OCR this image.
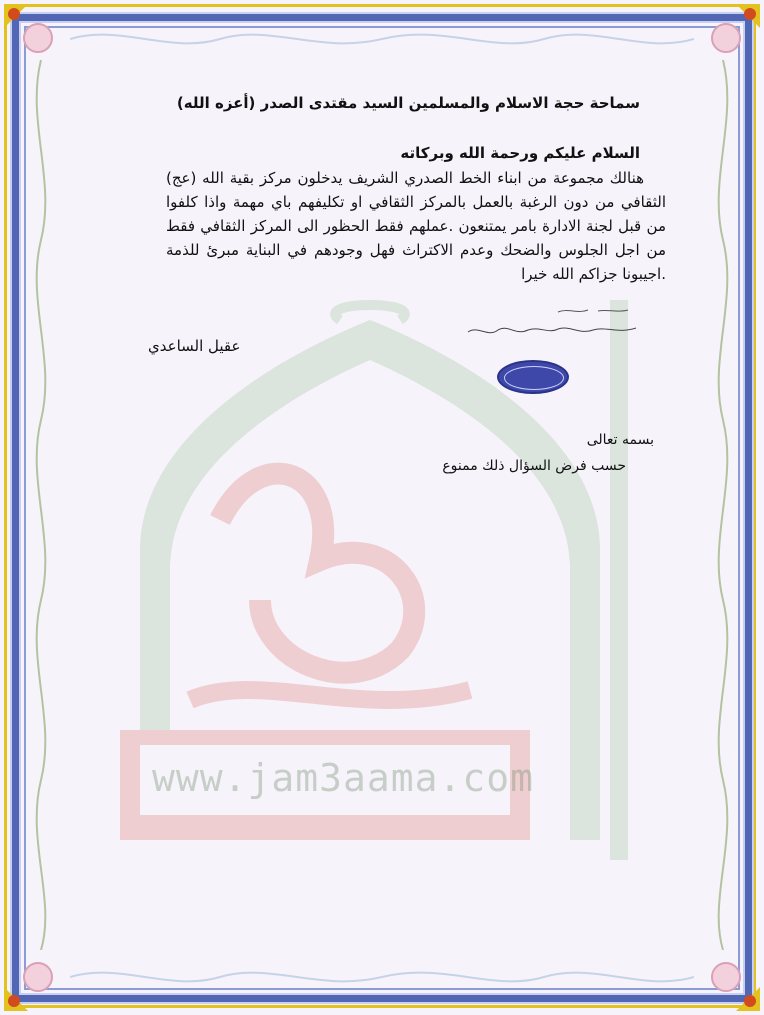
www.jam3aama.com
سماحة حجة الاسلام والمسلمين السيد مقتدى الصدر (أعزه الله)
السلام عليكم ورحمة الله وبركاته
هنالك مجموعة من ابناء الخط الصدري الشريف يدخلون مركز بقية الله (عج) الثقافي من دون الرغبة بالعمل بالمركز الثقافي او تكليفهم باي مهمة واذا كلفوا من قبل لجنة الادارة بامر يمتنعون .عملهم فقط الحظور الى المركز الثقافي فقط من اجل الجلوس والضحك وعدم الاكتراث فهل وجودهم في البناية مبرئ للذمة .اجيبونا جزاكم الله خيرا
عقيل الساعدي
بسمه تعالى
حسب فرض السؤال ذلك ممنوع
